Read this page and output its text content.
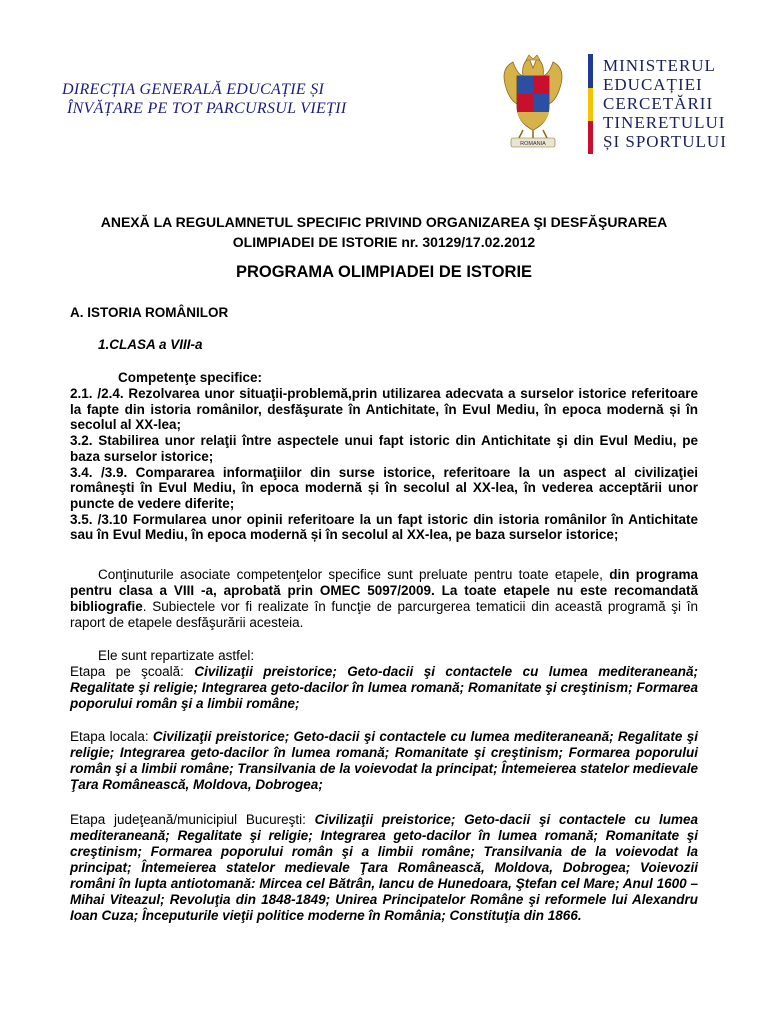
DIRECȚIA GENERALĂ EDUCAȚIE ȘI
ÎNVĂȚARE PE TOT PARCURSUL VIEȚII
ROMANIA
MINISTERUL
EDUCAȚIEI
CERCETĂRII
TINERETULUI
ȘI SPORTULUI
ANEXĂ LA REGULAMNETUL SPECIFIC PRIVIND ORGANIZAREA ŞI DESFĂŞURAREA
OLIMPIADEI DE ISTORIE nr. 30129/17.02.2012
PROGRAMA OLIMPIADEI DE ISTORIE
A. ISTORIA ROMÂNILOR
1.CLASA a VIII-a
Competenţe specifice:

2.1. /2.4. Rezolvarea unor situaţii-problemă,prin utilizarea adecvata a surselor istorice referitoare la fapte din istoria românilor, desfăşurate în Antichitate, în Evul Mediu, în epoca modernă și în secolul al XX-lea;

3.2. Stabilirea unor relaţii între aspectele unui fapt istoric din Antichitate şi din Evul Mediu, pe baza surselor istorice;

3.4. /3.9. Compararea informaţiilor din surse istorice, referitoare la un aspect al civilizaţiei româneşti în Evul Mediu, în epoca modernă și în secolul al XX-lea, în vederea acceptării unor puncte de vedere diferite;

3.5. /3.10 Formularea unor opinii referitoare la un fapt istoric din istoria românilor în Antichitate sau în Evul Mediu, în epoca modernă și în secolul al XX-lea, pe baza surselor istorice;

Conţinuturile asociate competenţelor specifice sunt preluate pentru toate etapele, din programa pentru clasa a VIII -a, aprobată prin OMEC 5097/2009. La toate etapele nu este recomandată bibliografie. Subiectele vor fi realizate în funcţie de parcurgerea tematicii din această programă şi în raport de etapele desfăşurării acesteia.

Ele sunt repartizate astfel:

Etapa pe şcoală: Civilizaţii preistorice; Geto-dacii şi contactele cu lumea mediteraneană; Regalitate şi religie; Integrarea geto-dacilor în lumea romană; Romanitate şi creştinism; Formarea poporului român şi a limbii române;

Etapa locala: Civilizaţii preistorice; Geto-dacii şi contactele cu lumea mediteraneană; Regalitate şi religie; Integrarea geto-dacilor în lumea romană; Romanitate şi creştinism; Formarea poporului român şi a limbii române; Transilvania de la voievodat la principat; Întemeierea statelor medievale Ţara Românească, Moldova, Dobrogea;

Etapa judeţeană/municipiul Bucureşti: Civilizaţii preistorice; Geto-dacii şi contactele cu lumea mediteraneană; Regalitate şi religie; Integrarea geto-dacilor în lumea romană; Romanitate şi creştinism; Formarea poporului român şi a limbii române; Transilvania de la voievodat la principat; Întemeierea statelor medievale Ţara Românească, Moldova, Dobrogea; Voievozii români în lupta antiotomană: Mircea cel Bătrân, Iancu de Hunedoara, Ştefan cel Mare; Anul 1600 – Mihai Viteazul; Revoluţia din 1848-1849; Unirea Principatelor Române şi reformele lui Alexandru Ioan Cuza; Începuturile vieţii politice moderne în România; Constituţia din 1866.
